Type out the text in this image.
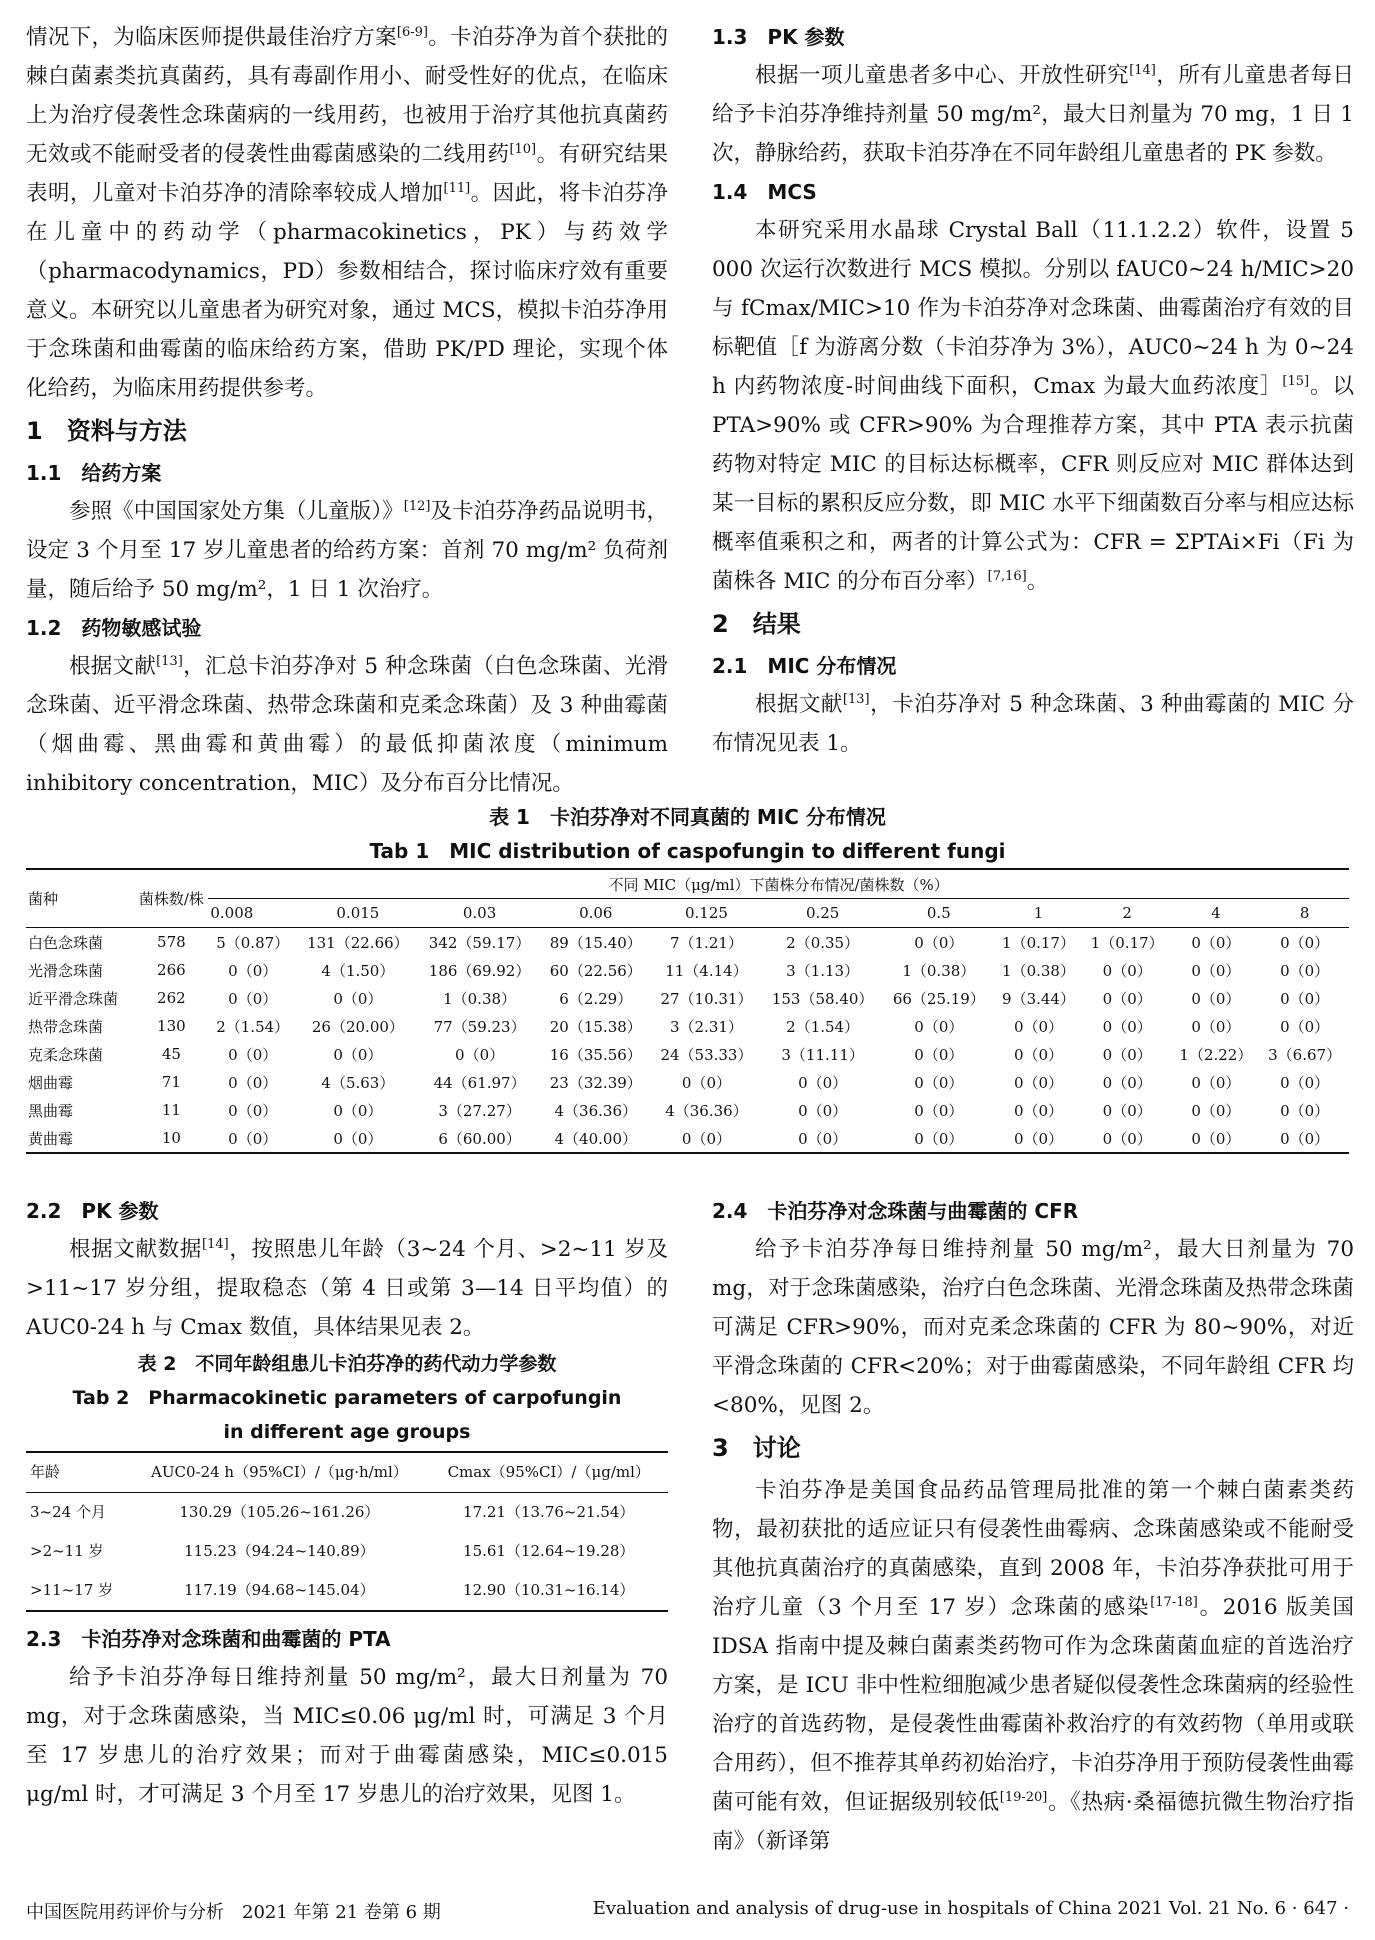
情况下，为临床医师提供最佳治疗方案[6-9]。卡泊芬净为首个获批的棘白菌素类抗真菌药，具有毒副作用小、耐受性好的优点，在临床上为治疗侵袭性念珠菌病的一线用药，也被用于治疗其他抗真菌药无效或不能耐受者的侵袭性曲霉菌感染的二线用药[10]。有研究结果表明，儿童对卡泊芬净的清除率较成人增加[11]。因此，将卡泊芬净在儿童中的药动学（pharmacokinetics，PK）与药效学（pharmacodynamics，PD）参数相结合，探讨临床疗效有重要意义。本研究以儿童患者为研究对象，通过 MCS，模拟卡泊芬净用于念珠菌和曲霉菌的临床给药方案，借助 PK/PD 理论，实现个体化给药，为临床用药提供参考。

1　资料与方法
1.1　给药方案

参照《中国国家处方集（儿童版）》[12]及卡泊芬净药品说明书，设定 3 个月至 17 岁儿童患者的给药方案：首剂 70 mg/m² 负荷剂量，随后给予 50 mg/m²，1 日 1 次治疗。

1.2　药物敏感试验

根据文献[13]，汇总卡泊芬净对 5 种念珠菌（白色念珠菌、光滑念珠菌、近平滑念珠菌、热带念珠菌和克柔念珠菌）及 3 种曲霉菌（烟曲霉、黑曲霉和黄曲霉）的最低抑菌浓度（minimum inhibitory concentration，MIC）及分布百分比情况。

1.3　PK 参数

根据一项儿童患者多中心、开放性研究[14]，所有儿童患者每日给予卡泊芬净维持剂量 50 mg/m²，最大日剂量为 70 mg，1 日 1 次，静脉给药，获取卡泊芬净在不同年龄组儿童患者的 PK 参数。

1.4　MCS

本研究采用水晶球 Crystal Ball（11.1.2.2）软件，设置 5 000 次运行次数进行 MCS 模拟。分别以 fAUC0~24 h/MIC>20 与 fCmax/MIC>10 作为卡泊芬净对念珠菌、曲霉菌治疗有效的目标靶值［f 为游离分数（卡泊芬净为 3%），AUC0~24 h 为 0~24 h 内药物浓度-时间曲线下面积，Cmax 为最大血药浓度］[15]。以 PTA>90% 或 CFR>90% 为合理推荐方案，其中 PTA 表示抗菌药物对特定 MIC 的目标达标概率，CFR 则反应对 MIC 群体达到某一目标的累积反应分数，即 MIC 水平下细菌数百分率与相应达标概率值乘积之和，两者的计算公式为：CFR = ΣPTAi×Fi（Fi 为菌株各 MIC 的分布百分率）[7,16]。

2　结果
2.1　MIC 分布情况

根据文献[13]，卡泊芬净对 5 种念珠菌、3 种曲霉菌的 MIC 分布情况见表 1。

表 1　卡泊芬净对不同真菌的 MIC 分布情况
Tab 1　MIC distribution of caspofungin to different fungi
菌种	菌株数/株	不同 MIC（μg/ml）下菌株分布情况/菌株数（%）										
		0.008	0.015	0.03	0.06	0.125	0.25	0.5	1	2	4	8
白色念珠菌	578	5（0.87）	131（22.66）	342（59.17）	89（15.40）	7（1.21）	2（0.35）	0（0）	1（0.17）	1（0.17）	0（0）	0（0）
光滑念珠菌	266	0（0）	4（1.50）	186（69.92）	60（22.56）	11（4.14）	3（1.13）	1（0.38）	1（0.38）	0（0）	0（0）	0（0）
近平滑念珠菌	262	0（0）	0（0）	1（0.38）	6（2.29）	27（10.31）	153（58.40）	66（25.19）	9（3.44）	0（0）	0（0）	0（0）
热带念珠菌	130	2（1.54）	26（20.00）	77（59.23）	20（15.38）	3（2.31）	2（1.54）	0（0）	0（0）	0（0）	0（0）	0（0）
克柔念珠菌	45	0（0）	0（0）	0（0）	16（35.56）	24（53.33）	3（11.11）	0（0）	0（0）	0（0）	1（2.22）	3（6.67）
烟曲霉	71	0（0）	4（5.63）	44（61.97）	23（32.39）	0（0）	0（0）	0（0）	0（0）	0（0）	0（0）	0（0）
黑曲霉	11	0（0）	0（0）	3（27.27）	4（36.36）	4（36.36）	0（0）	0（0）	0（0）	0（0）	0（0）	0（0）
黄曲霉	10	0（0）	0（0）	6（60.00）	4（40.00）	0（0）	0（0）	0（0）	0（0）	0（0）	0（0）	0（0）
2.2　PK 参数

根据文献数据[14]，按照患儿年龄（3~24 个月、>2~11 岁及>11~17 岁分组，提取稳态（第 4 日或第 3—14 日平均值）的 AUC0-24 h 与 Cmax 数值，具体结果见表 2。

表 2　不同年龄组患儿卡泊芬净的药代动力学参数
Tab 2　Pharmacokinetic parameters of carpofungin
in different age groups
年龄	AUC0-24 h（95%CI）/（μg·h/ml）	Cmax（95%CI）/（μg/ml）
3~24 个月	130.29（105.26~161.26）	17.21（13.76~21.54）
>2~11 岁	115.23（94.24~140.89）	15.61（12.64~19.28）
>11~17 岁	117.19（94.68~145.04）	12.90（10.31~16.14）
2.3　卡泊芬净对念珠菌和曲霉菌的 PTA

给予卡泊芬净每日维持剂量 50 mg/m²，最大日剂量为 70 mg，对于念珠菌感染，当 MIC≤0.06 μg/ml 时，可满足 3 个月至 17 岁患儿的治疗效果；而对于曲霉菌感染，MIC≤0.015 μg/ml 时，才可满足 3 个月至 17 岁患儿的治疗效果，见图 1。

2.4　卡泊芬净对念珠菌与曲霉菌的 CFR

给予卡泊芬净每日维持剂量 50 mg/m²，最大日剂量为 70 mg，对于念珠菌感染，治疗白色念珠菌、光滑念珠菌及热带念珠菌可满足 CFR>90%，而对克柔念珠菌的 CFR 为 80~90%，对近平滑念珠菌的 CFR<20%；对于曲霉菌感染，不同年龄组 CFR 均<80%，见图 2。

3　讨论

卡泊芬净是美国食品药品管理局批准的第一个棘白菌素类药物，最初获批的适应证只有侵袭性曲霉病、念珠菌感染或不能耐受其他抗真菌治疗的真菌感染，直到 2008 年，卡泊芬净获批可用于治疗儿童（3 个月至 17 岁）念珠菌的感染[17-18]。2016 版美国 IDSA 指南中提及棘白菌素类药物可作为念珠菌菌血症的首选治疗方案，是 ICU 非中性粒细胞减少患者疑似侵袭性念珠菌病的经验性治疗的首选药物，是侵袭性曲霉菌补救治疗的有效药物（单用或联合用药），但不推荐其单药初始治疗，卡泊芬净用于预防侵袭性曲霉菌可能有效，但证据级别较低[19-20]。《热病·桑福德抗微生物治疗指南》（新译第

中国医院用药评价与分析　2021 年第 21 卷第 6 期	Evaluation and analysis of drug-use in hospitals of China 2021 Vol. 21 No. 6 · 647 ·
